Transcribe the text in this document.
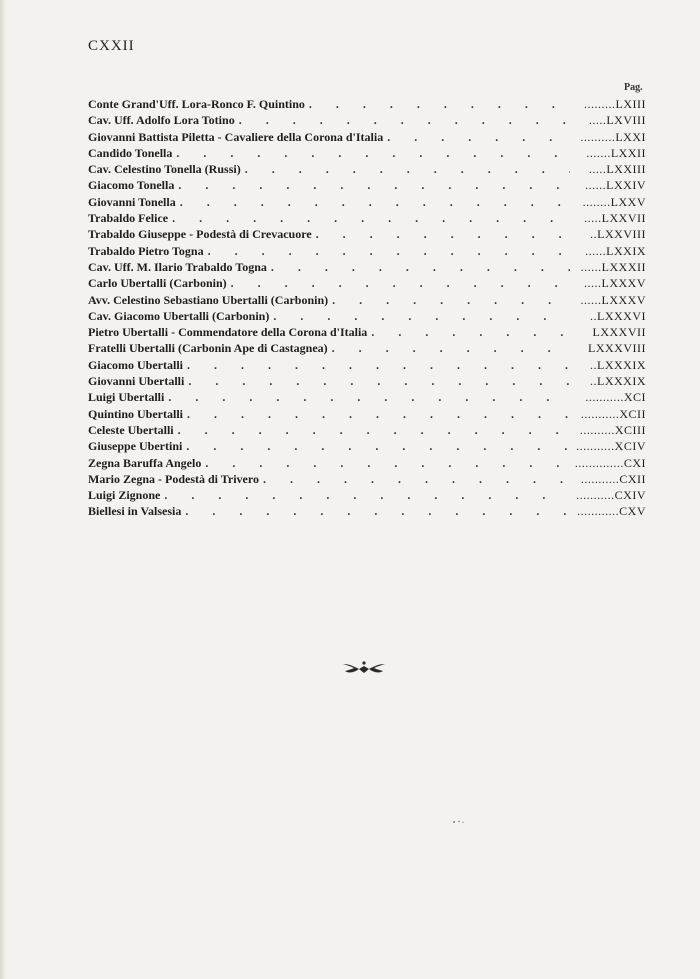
CXXII
Pag.
Conte Grand'Uff. Lora-Ronco F. Quintino .	.........LXIII
Cav. Uff. Adolfo Lora Totino .	.....LXVIII
Giovanni Battista Piletta - Cavaliere della Corona d'Italia .	..........LXXI
Candido Tonella .	.......LXXII
Cav. Celestino Tonella (Russi) .	.....LXXIII
Giacomo Tonella .	......LXXIV
Giovanni Tonella .	........LXXV
Trabaldo Felice .	.....LXXVII
Trabaldo Giuseppe - Podestà di Crevacuore .	..LXXVIII
Trabaldo Pietro Togna .	......LXXIX
Cav. Uff. M. Ilario Trabaldo Togna .	......LXXXII
Carlo Ubertalli (Carbonin) .	.....LXXXV
Avv. Celestino Sebastiano Ubertalli (Carbonin) .	......LXXXV
Cav. Giacomo Ubertalli (Carbonin) .	..LXXXVI
Pietro Ubertalli - Commendatore della Corona d'Italia .	LXXXVII
Fratelli Ubertalli (Carbonin Ape di Castagnea) .	LXXXVIII
Giacomo Ubertalli .	..LXXXIX
Giovanni Ubertalli .	..LXXXIX
Luigi Ubertalli .	...........XCI
Quintino Ubertalli .	...........XCII
Celeste Ubertalli .	..........XCIII
Giuseppe Ubertini .	...........XCIV
Zegna Baruffa Angelo .	..............CXI
Mario Zegna - Podestà di Trivero .	...........CXII
Luigi Zignone .	...........CXIV
Biellesi in Valsesia .	............CXV
